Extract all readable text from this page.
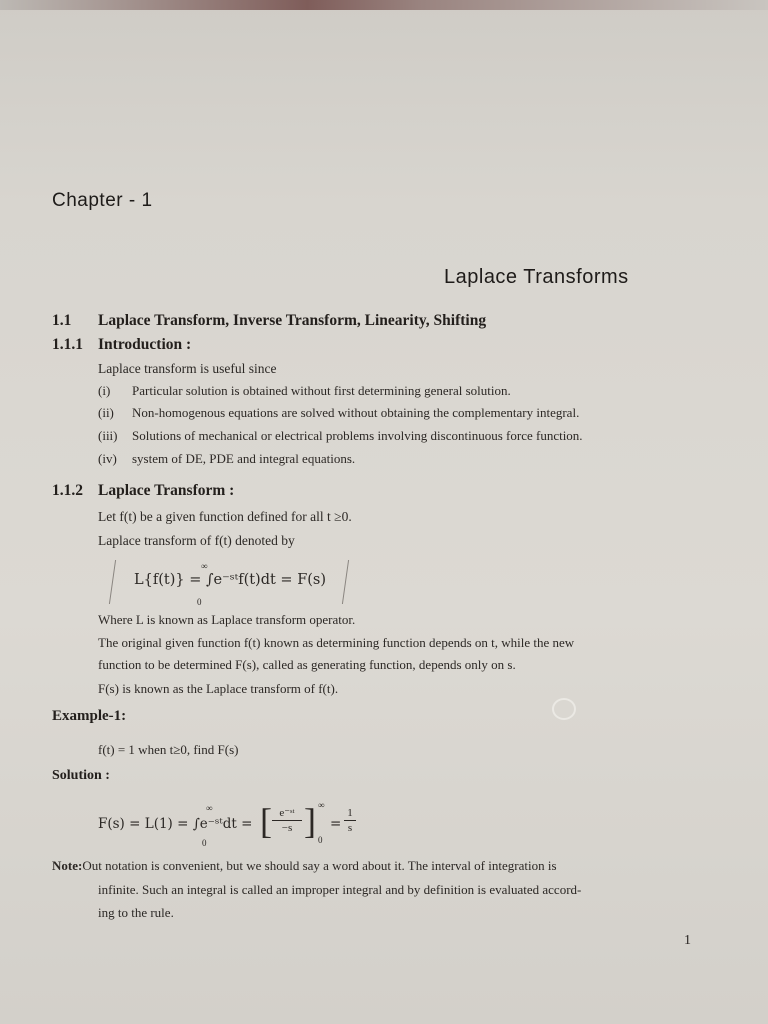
Chapter - 1
Laplace Transforms
1.1 Laplace Transform, Inverse Transform, Linearity, Shifting
1.1.1 Introduction :
Laplace transform is useful since
(i) Particular solution is obtained without first determining general solution.
(ii) Non-homogenous equations are solved without obtaining the complementary integral.
(iii) Solutions of mechanical or electrical problems involving discontinuous force function.
(iv) system of DE, PDE and integral equations.
1.1.2 Laplace Transform :
Let f(t) be a given function defined for all t ≥0.
Laplace transform of f(t) denoted by
L{f(t)} = ∫e⁻ˢᵗf(t)dt = F(s)
∞
0
Where L is known as Laplace transform operator.
The original given function f(t) known as determining function depends on t, while the new
function to be determined F(s), called as generating function, depends only on s.
F(s) is known as the Laplace transform of f(t).
Example-1:
f(t) = 1 when t≥0, find F(s)
Solution :
F(s) = L(1) = ∫e⁻ˢᵗdt =
∞
0
[ e⁻ˢᵗ
−s ] ∞
0
=
1
s
Note:Out notation is convenient, but we should say a word about it. The interval of integration is
infinite. Such an integral is called an improper integral and by definition is evaluated accord-
ing to the rule.
1
